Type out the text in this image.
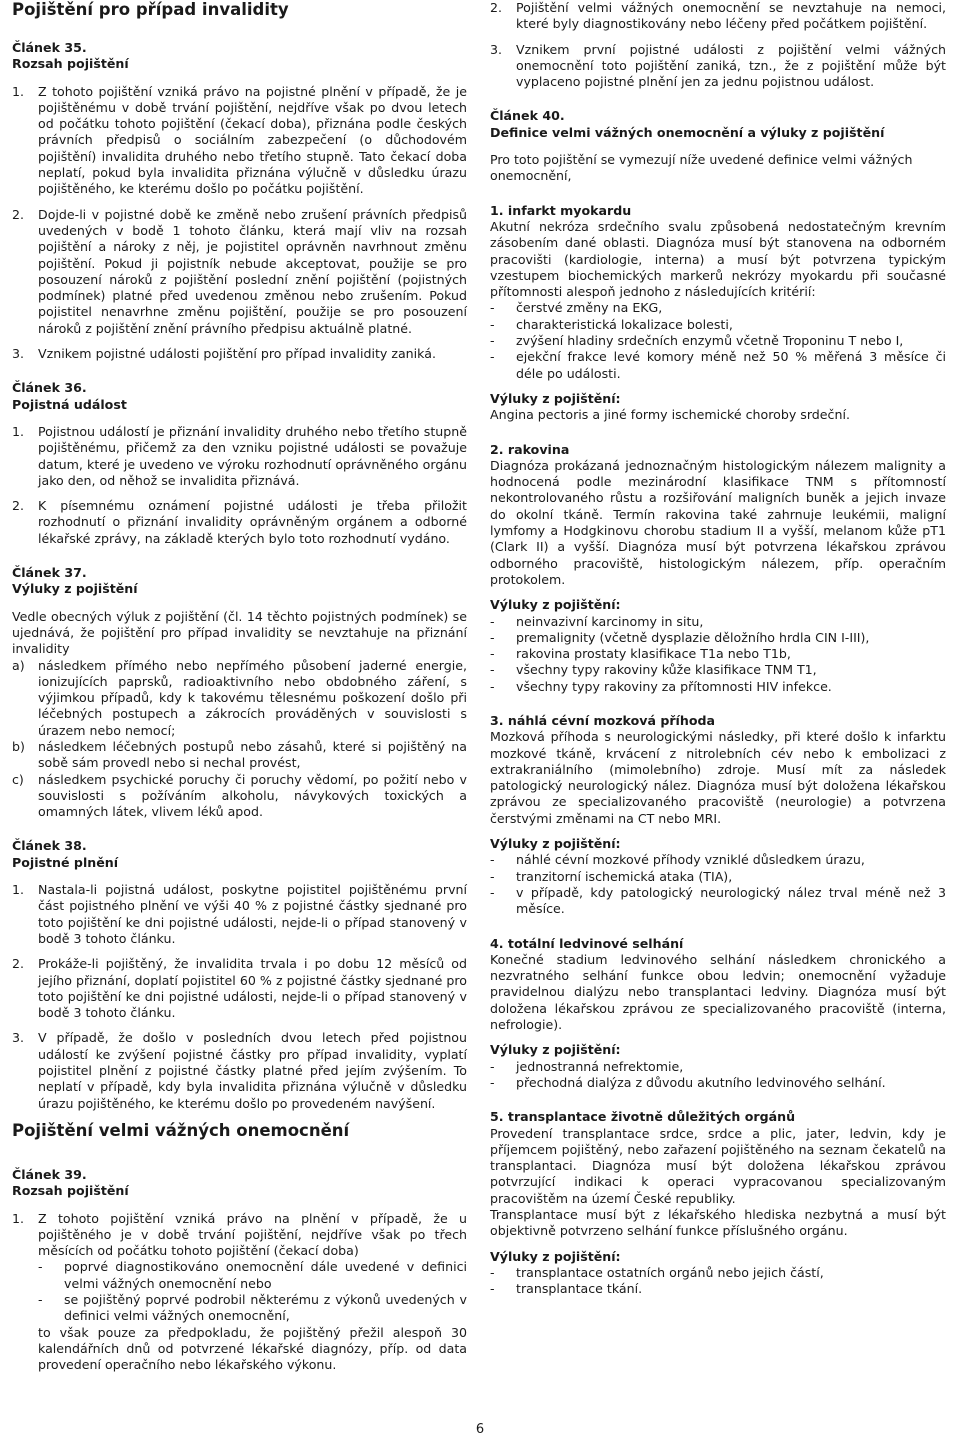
Pojištění pro případ invalidity
Článek 35.
Rozsah pojištění
1.	Z tohoto pojištění vzniká právo na pojistné plnění v případě, že je pojištěnému v době trvání pojištění, nejdříve však po dvou letech od počátku tohoto pojištění (čekací doba), přiznána podle českých právních předpisů o sociálním zabezpečení (o důchodovém pojištění) invalidita druhého nebo třetího stupně. Tato čekací doba neplatí, pokud byla invalidita přiznána výlučně v důsledku úrazu pojištěného, ke kterému došlo po počátku pojištění.
2.	Dojde-li v pojistné době ke změně nebo zrušení právních předpisů uvedených v bodě 1 tohoto článku, která mají vliv na rozsah pojištění a nároky z něj, je pojistitel oprávněn navrhnout změnu pojištění. Pokud ji pojistník nebude akceptovat, použije se pro posouzení nároků z pojištění poslední znění pojištění (pojistných podmínek) platné před uvedenou změnou nebo zrušením. Pokud pojistitel nenavrhne změnu pojištění, použije se pro posouzení nároků z pojištění znění právního předpisu aktuálně platné.
3.	Vznikem pojistné události pojištění pro případ invalidity zaniká.
Článek 36.
Pojistná událost
1.	Pojistnou událostí je přiznání invalidity druhého nebo třetího stupně pojištěnému, přičemž za den vzniku pojistné události se považuje datum, které je uvedeno ve výroku rozhodnutí oprávněného orgánu jako den, od něhož se invalidita přiznává.
2.	K písemnému oznámení pojistné události je třeba přiložit rozhodnutí o přiznání invalidity oprávněným orgánem a odborné lékařské zprávy, na základě kterých bylo toto rozhodnutí vydáno.
Článek 37.
Výluky z pojištění

Vedle obecných výluk z pojištění (čl. 14 těchto pojistných podmínek) se ujednává, že pojištění pro případ invalidity se nevztahuje na přiznání invalidity

a)	následkem přímého nebo nepřímého působení jaderné energie, ionizujících paprsků, radioaktivního nebo obdobného záření, s výjimkou případů, kdy k takovému tělesnému poškození došlo při léčebných postupech a zákrocích prováděných v souvislosti s úrazem nebo nemocí;
b)	následkem léčebných postupů nebo zásahů, které si pojištěný na sobě sám provedl nebo si nechal provést,
c)	následkem psychické poruchy či poruchy vědomí, po požití nebo v souvislosti s požíváním alkoholu, návykových toxických a omamných látek, vlivem léků apod.
Článek 38.
Pojistné plnění
1.	Nastala-li pojistná událost, poskytne pojistitel pojištěnému první část pojistného plnění ve výši 40 % z pojistné částky sjednané pro toto pojištění ke dni pojistné události, nejde-li o případ stanovený v bodě 3 tohoto článku.
2.	Prokáže-li pojištěný, že invalidita trvala i po dobu 12 měsíců od jejího přiznání, doplatí pojistitel 60 % z pojistné částky sjednané pro toto pojištění ke dni pojistné události, nejde-li o případ stanovený v bodě 3 tohoto článku.
3.	V případě, že došlo v posledních dvou letech před pojistnou událostí ke zvýšení pojistné částky pro případ invalidity, vyplatí pojistitel plnění z pojistné částky platné před jejím zvýšením. To neplatí v případě, kdy byla invalidita přiznána výlučně v důsledku úrazu pojištěného, ke kterému došlo po provedeném navýšení.
Pojištění velmi vážných onemocnění
Článek 39.
Rozsah pojištění
1.	Z tohoto pojištění vzniká právo na plnění v případě, že u pojištěného je v době trvání pojištění, nejdříve však po třech měsících od počátku tohoto pojištění (čekací doba)
-	poprvé diagnostikováno onemocnění dále uvedené v definici velmi vážných onemocnění nebo
-	se pojištěný poprvé podrobil některému z výkonů uvedených v definici velmi vážných onemocnění,

to však pouze za předpokladu, že pojištěný přežil alespoň 30 kalendářních dnů od potvrzené lékařské diagnózy, příp. od data provedení operačního nebo lékařského výkonu.

2.	Pojištění velmi vážných onemocnění se nevztahuje na nemoci, které byly diagnostikovány nebo léčeny před počátkem pojištění.
3.	Vznikem první pojistné události z pojištění velmi vážných onemocnění toto pojištění zaniká, tzn., že z pojištění může být vyplaceno pojistné plnění jen za jednu pojistnou událost.
Článek 40.
Definice velmi vážných onemocnění a výluky z pojištění

Pro toto pojištění se vymezují níže uvedené definice velmi vážných onemocnění,

1. infarkt myokardu

Akutní nekróza srdečního svalu způsobená nedostatečným krevním zásobením dané oblasti. Diagnóza musí být stanovena na odborném pracovišti (kardiologie, interna) a musí být potvrzena typickým vzestupem biochemických markerů nekrózy myokardu při současné přítomnosti alespoň jednoho z následujících kritérií:

-	čerstvé změny na EKG,
-	charakteristická lokalizace bolesti,
-	zvýšení hladiny srdečních enzymů včetně Troponinu T nebo I,
-	ejekční frakce levé komory méně než 50 % měřená 3 měsíce či déle po události.
Výluky z pojištění:

Angina pectoris a jiné formy ischemické choroby srdeční.

2. rakovina

Diagnóza prokázaná jednoznačným histologickým nálezem malignity a hodnocená podle mezinárodní klasifikace TNM s přítomností nekontrolovaného růstu a rozšiřování maligních buněk a jejich invaze do okolní tkáně. Termín rakovina také zahrnuje leukémii, maligní lymfomy a Hodgkinovu chorobu stadium II a vyšší, melanom kůže pT1 (Clark II) a vyšší. Diagnóza musí být potvrzena lékařskou zprávou odborného pracoviště, histologickým nálezem, příp. operačním protokolem.

Výluky z pojištění:
-	neinvazivní karcinomy in situ,
-	premalignity (včetně dysplazie děložního hrdla CIN I-III),
-	rakovina prostaty klasifikace T1a nebo T1b,
-	všechny typy rakoviny kůže klasifikace TNM T1,
-	všechny typy rakoviny za přítomnosti HIV infekce.
3. náhlá cévní mozková příhoda

Mozková příhoda s neurologickými následky, při které došlo k infarktu mozkové tkáně, krvácení z nitrolebních cév nebo k embolizaci z extrakraniálního (mimolebního) zdroje. Musí mít za následek patologický neurologický nález. Diagnóza musí být doložena lékařskou zprávou ze specializovaného pracoviště (neurologie) a potvrzena čerstvými změnami na CT nebo MRI.

Výluky z pojištění:
-	náhlé cévní mozkové příhody vzniklé důsledkem úrazu,
-	tranzitorní ischemická ataka (TIA),
-	v případě, kdy patologický neurologický nález trval méně než 3 měsíce.
4. totální ledvinové selhání

Konečné stadium ledvinového selhání následkem chronického a nezvratného selhání funkce obou ledvin; onemocnění vyžaduje pravidelnou dialýzu nebo transplantaci ledviny. Diagnóza musí být doložena lékařskou zprávou ze specializovaného pracoviště (interna, nefrologie).

Výluky z pojištění:
-	jednostranná nefrektomie,
-	přechodná dialýza z důvodu akutního ledvinového selhání.
5. transplantace životně důležitých orgánů

Provedení transplantace srdce, srdce a plic, jater, ledvin, kdy je příjemcem pojištěný, nebo zařazení pojištěného na seznam čekatelů na transplantaci. Diagnóza musí být doložena lékařskou zprávou potvrzující indikaci k operaci vypracovanou specializovaným pracovištěm na území České republiky.

Transplantace musí být z lékařského hlediska nezbytná a musí být objektivně potvrzeno selhání funkce příslušného orgánu.

Výluky z pojištění:
-	transplantace ostatních orgánů nebo jejich částí,
-	transplantace tkání.
6
